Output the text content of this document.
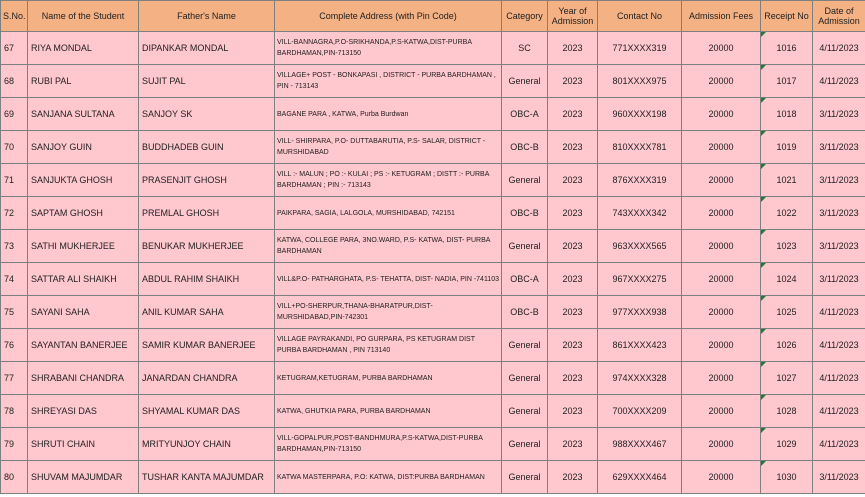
S.No.	Name of the Student	Father's Name	Complete Address (with Pin Code)	Category	Year of Admission	Contact No	Admission Fees	Receipt No	Date of Admission
67	RIYA MONDAL	DIPANKAR MONDAL	VILL-BANNAGRA,P.O-SRIKHANDA,P.S-KATWA,DIST-PURBA BARDHAMAN,PIN-713150	SC	2023	771XXXX319	20000	1016	4/11/2023
68	RUBI PAL	SUJIT PAL	VILLAGE+ POST - BONKAPASI , DISTRICT - PURBA BARDHAMAN , PIN - 713143	General	2023	801XXXX975	20000	1017	4/11/2023
69	SANJANA SULTANA	SANJOY SK	BAGANE PARA , KATWA, Purba Burdwan	OBC-A	2023	960XXXX198	20000	1018	3/11/2023
70	SANJOY GUIN	BUDDHADEB GUIN	VILL- SHIRPARA, P.O- DUTTABARUTIA, P.S- SALAR, DISTRICT - MURSHIDABAD	OBC-B	2023	810XXXX781	20000	1019	3/11/2023
71	SANJUKTA GHOSH	PRASENJIT GHOSH	VILL :- MALUN ; PO :- KULAI ; PS :- KETUGRAM ; DISTT :- PURBA BARDHAMAN ; PIN :- 713143	General	2023	876XXXX319	20000	1021	3/11/2023
72	SAPTAM GHOSH	PREMLAL GHOSH	PAIKPARA, SAGIA, LALGOLA, MURSHIDABAD, 742151	OBC-B	2023	743XXXX342	20000	1022	3/11/2023
73	SATHI MUKHERJEE	BENUKAR MUKHERJEE	KATWA, COLLEGE PARA, 3NO.WARD, P.S- KATWA, DIST- PURBA BARDHAMAN	General	2023	963XXXX565	20000	1023	3/11/2023
74	SATTAR ALI SHAIKH	ABDUL RAHIM SHAIKH	VILL&P.O- PATHARGHATA, P.S- TEHATTA, DIST- NADIA, PIN -741103	OBC-A	2023	967XXXX275	20000	1024	3/11/2023
75	SAYANI SAHA	ANIL KUMAR SAHA	VILL+PO-SHERPUR,THANA-BHARATPUR,DIST-MURSHIDABAD,PIN-742301	OBC-B	2023	977XXXX938	20000	1025	4/11/2023
76	SAYANTAN BANERJEE	SAMIR KUMAR BANERJEE	VILLAGE PAYRAKANDI, PO GURPARA, PS KETUGRAM DIST PURBA BARDHAMAN , PIN 713140	General	2023	861XXXX423	20000	1026	4/11/2023
77	SHRABANI CHANDRA	JANARDAN CHANDRA	KETUGRAM,KETUGRAM, PURBA BARDHAMAN	General	2023	974XXXX328	20000	1027	4/11/2023
78	SHREYASI DAS	SHYAMAL KUMAR DAS	KATWA, GHUTKIA PARA, PURBA BARDHAMAN	General	2023	700XXXX209	20000	1028	4/11/2023
79	SHRUTI CHAIN	MRITYUNJOY CHAIN	VILL-GOPALPUR,POST-BANDHMURA,P.S-KATWA,DIST-PURBA BARDHAMAN,PIN-713150	General	2023	988XXXX467	20000	1029	4/11/2023
80	SHUVAM MAJUMDAR	TUSHAR KANTA MAJUMDAR	KATWA MASTERPARA, P.O: KATWA, DIST:PURBA BARDHAMAN	General	2023	629XXXX464	20000	1030	3/11/2023
